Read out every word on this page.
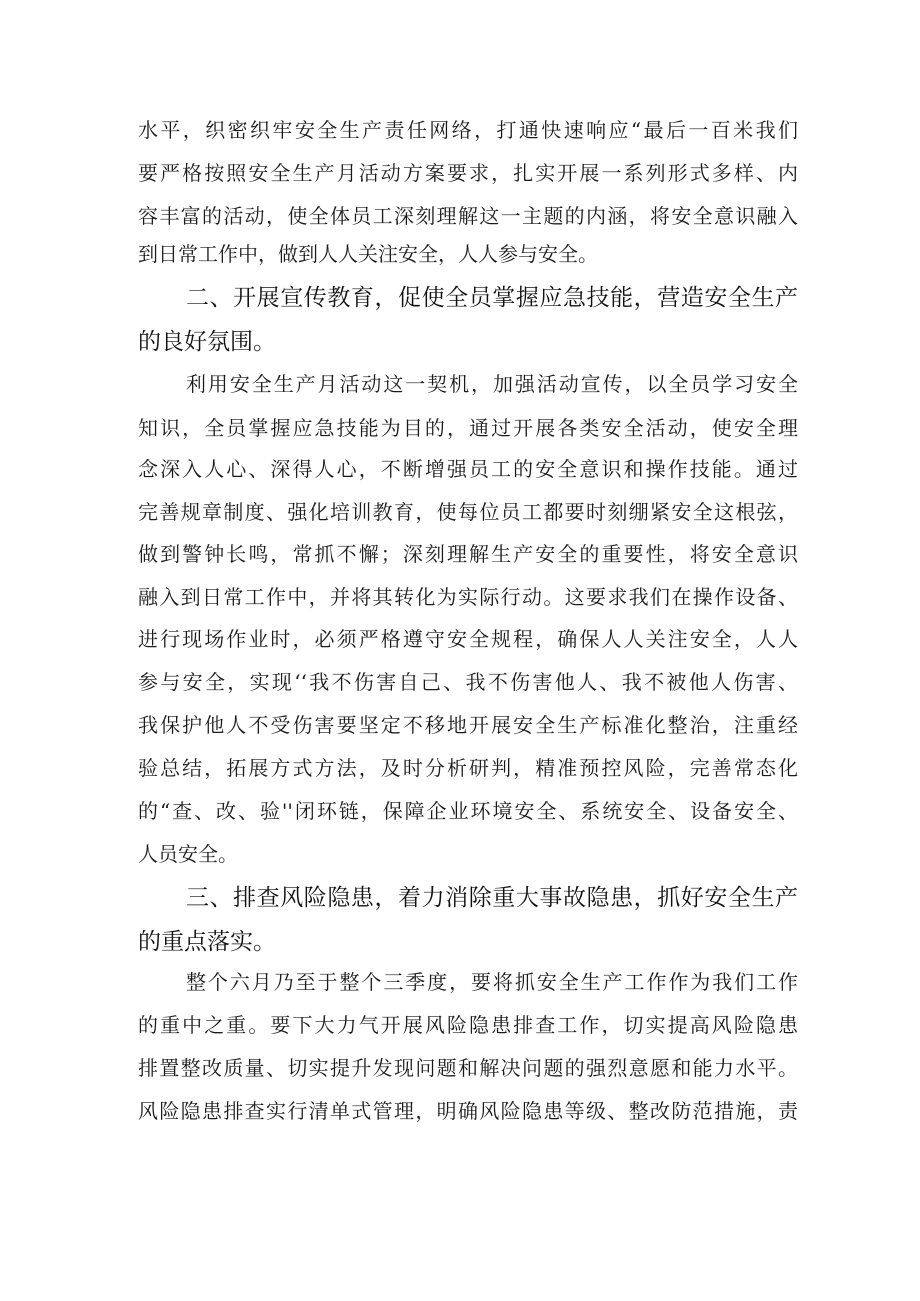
水平，织密织牢安全生产责任网络，打通快速响应“最后一百米我们

要严格按照安全生产月活动方案要求，扎实开展一系列形式多样、内

容丰富的活动，使全体员工深刻理解这一主题的内涵，将安全意识融入

到日常工作中，做到人人关注安全，人人参与安全。

二、开展宣传教育，促使全员掌握应急技能，营造安全生产

的良好氛围。

利用安全生产月活动这一契机，加强活动宣传，以全员学习安全

知识，全员掌握应急技能为目的，通过开展各类安全活动，使安全理

念深入人心、深得人心，不断增强员工的安全意识和操作技能。通过

完善规章制度、强化培训教育，使每位员工都要时刻绷紧安全这根弦，

做到警钟长鸣，常抓不懈；深刻理解生产安全的重要性，将安全意识

融入到日常工作中，并将其转化为实际行动。这要求我们在操作设备、

进行现场作业时，必须严格遵守安全规程，确保人人关注安全，人人

参与安全，实现‘‘我不伤害自己、我不伤害他人、我不被他人伤害、

我保护他人不受伤害要坚定不移地开展安全生产标准化整治，注重经

验总结，拓展方式方法，及时分析研判，精准预控风险，完善常态化

的“查、改、验''闭环链，保障企业环境安全、系统安全、设备安全、

人员安全。

三、排查风险隐患，着力消除重大事故隐患，抓好安全生产

的重点落实。

整个六月乃至于整个三季度，要将抓安全生产工作作为我们工作

的重中之重。要下大力气开展风险隐患排查工作，切实提高风险隐患

排置整改质量、切实提升发现问题和解决问题的强烈意愿和能力水平。

风险隐患排查实行清单式管理，明确风险隐患等级、整改防范措施，责
